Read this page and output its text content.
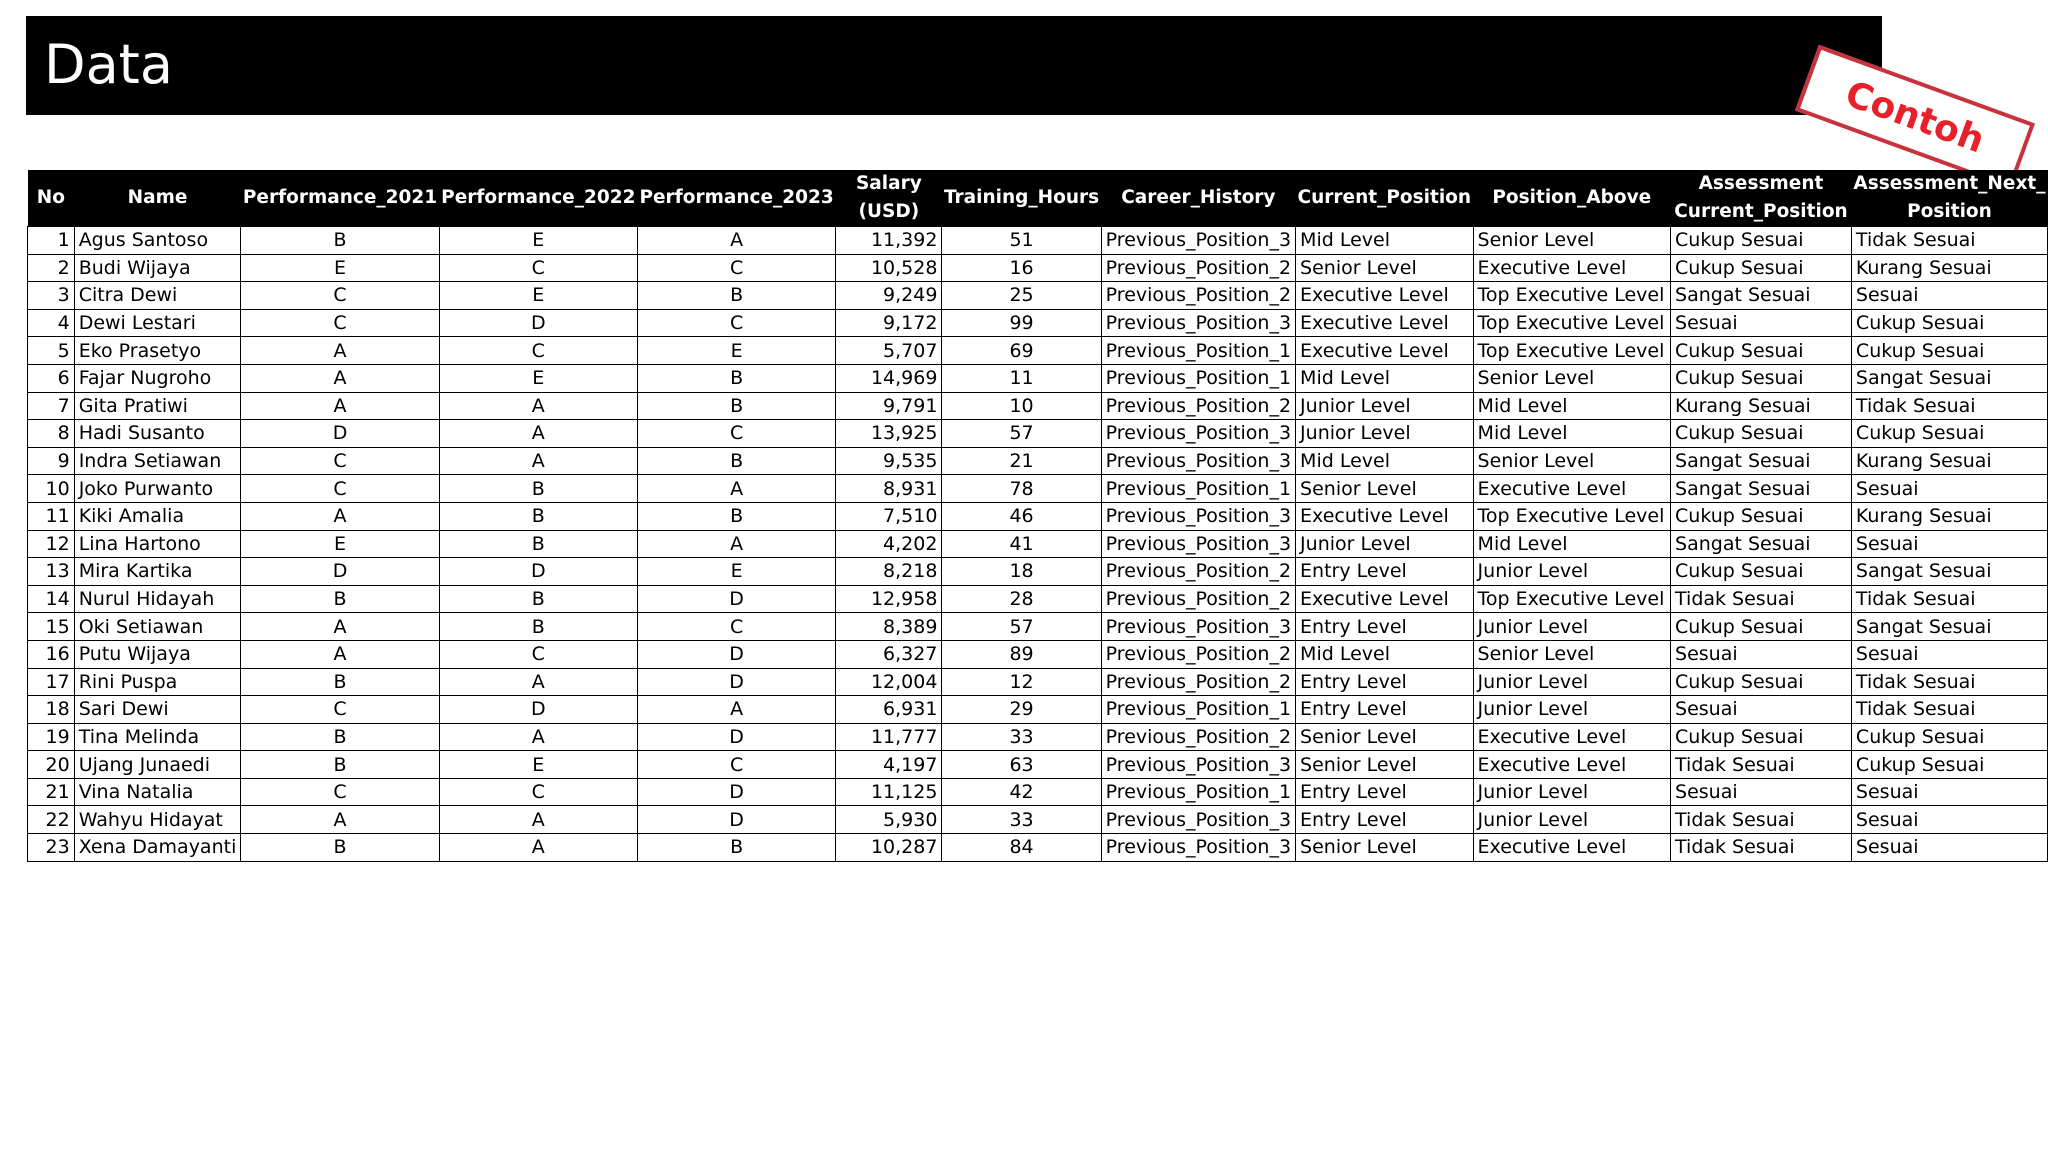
Data
Contoh
No	Name	Performance_2021	Performance_2022	Performance_2023	Salary (USD)	Training_Hours	Career_History	Current_Position	Position_Above	Assessment Current_Position	Assessment_Next_ Position
1	Agus Santoso	B	E	A	11,392	51	Previous_Position_3	Mid Level	Senior Level	Cukup Sesuai	Tidak Sesuai
2	Budi Wijaya	E	C	C	10,528	16	Previous_Position_2	Senior Level	Executive Level	Cukup Sesuai	Kurang Sesuai
3	Citra Dewi	C	E	B	9,249	25	Previous_Position_2	Executive Level	Top Executive Level	Sangat Sesuai	Sesuai
4	Dewi Lestari	C	D	C	9,172	99	Previous_Position_3	Executive Level	Top Executive Level	Sesuai	Cukup Sesuai
5	Eko Prasetyo	A	C	E	5,707	69	Previous_Position_1	Executive Level	Top Executive Level	Cukup Sesuai	Cukup Sesuai
6	Fajar Nugroho	A	E	B	14,969	11	Previous_Position_1	Mid Level	Senior Level	Cukup Sesuai	Sangat Sesuai
7	Gita Pratiwi	A	A	B	9,791	10	Previous_Position_2	Junior Level	Mid Level	Kurang Sesuai	Tidak Sesuai
8	Hadi Susanto	D	A	C	13,925	57	Previous_Position_3	Junior Level	Mid Level	Cukup Sesuai	Cukup Sesuai
9	Indra Setiawan	C	A	B	9,535	21	Previous_Position_3	Mid Level	Senior Level	Sangat Sesuai	Kurang Sesuai
10	Joko Purwanto	C	B	A	8,931	78	Previous_Position_1	Senior Level	Executive Level	Sangat Sesuai	Sesuai
11	Kiki Amalia	A	B	B	7,510	46	Previous_Position_3	Executive Level	Top Executive Level	Cukup Sesuai	Kurang Sesuai
12	Lina Hartono	E	B	A	4,202	41	Previous_Position_3	Junior Level	Mid Level	Sangat Sesuai	Sesuai
13	Mira Kartika	D	D	E	8,218	18	Previous_Position_2	Entry Level	Junior Level	Cukup Sesuai	Sangat Sesuai
14	Nurul Hidayah	B	B	D	12,958	28	Previous_Position_2	Executive Level	Top Executive Level	Tidak Sesuai	Tidak Sesuai
15	Oki Setiawan	A	B	C	8,389	57	Previous_Position_3	Entry Level	Junior Level	Cukup Sesuai	Sangat Sesuai
16	Putu Wijaya	A	C	D	6,327	89	Previous_Position_2	Mid Level	Senior Level	Sesuai	Sesuai
17	Rini Puspa	B	A	D	12,004	12	Previous_Position_2	Entry Level	Junior Level	Cukup Sesuai	Tidak Sesuai
18	Sari Dewi	C	D	A	6,931	29	Previous_Position_1	Entry Level	Junior Level	Sesuai	Tidak Sesuai
19	Tina Melinda	B	A	D	11,777	33	Previous_Position_2	Senior Level	Executive Level	Cukup Sesuai	Cukup Sesuai
20	Ujang Junaedi	B	E	C	4,197	63	Previous_Position_3	Senior Level	Executive Level	Tidak Sesuai	Cukup Sesuai
21	Vina Natalia	C	C	D	11,125	42	Previous_Position_1	Entry Level	Junior Level	Sesuai	Sesuai
22	Wahyu Hidayat	A	A	D	5,930	33	Previous_Position_3	Entry Level	Junior Level	Tidak Sesuai	Sesuai
23	Xena Damayanti	B	A	B	10,287	84	Previous_Position_3	Senior Level	Executive Level	Tidak Sesuai	Sesuai
